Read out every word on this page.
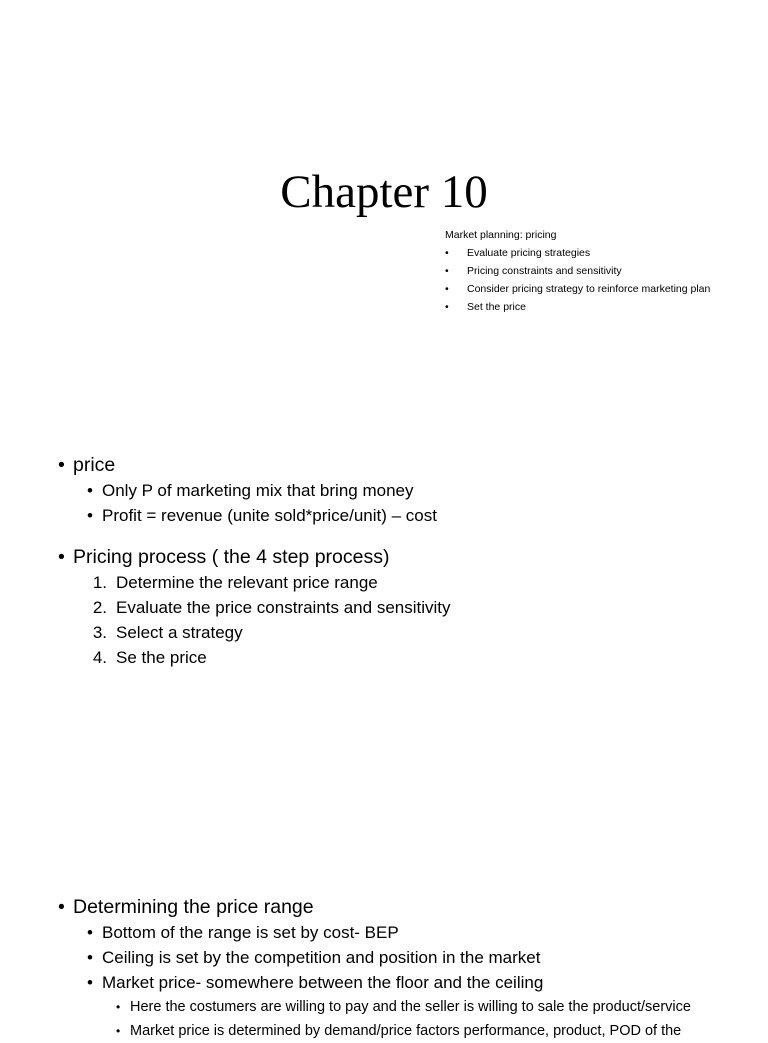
Chapter 10

Market planning: pricing

• Evaluate pricing strategies
• Pricing constraints and sensitivity
• Consider pricing strategy to reinforce marketing plan
• Set the price
• price
• Only P of marketing mix that bring money
• Profit = revenue (unite sold*price/unit) – cost
• Pricing process ( the 4 step process)
1. Determine the relevant price range
2. Evaluate the price constraints and sensitivity
3. Select a strategy
4. Se the price
• Determining the price range
• Bottom of the range is set by cost- BEP
• Ceiling is set by the competition and position in the market
• Market price- somewhere between the floor and the ceiling
• Here the costumers are willing to pay and the seller is willing to sale the product/service
• Market price is determined by demand/price factors performance, product, POD of the
